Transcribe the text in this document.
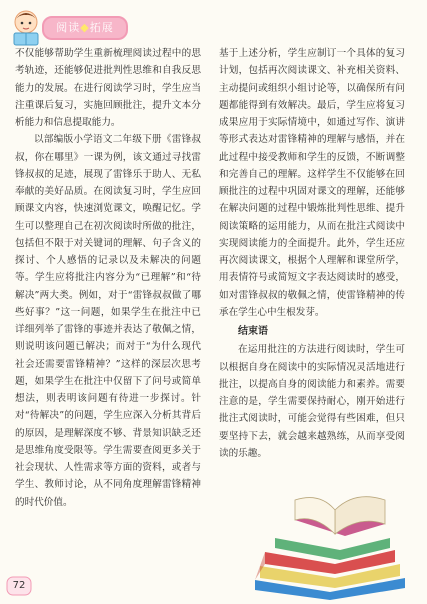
阅读◆拓展

不仅能够帮助学生重新梳理阅读过程中的思考轨迹，还能够促进批判性思维和自我反思能力的发展。在进行阅读学习时，学生应当注重课后复习，实施回顾批注，提升文本分析能力和信息提取能力。

以部编版小学语文二年级下册《雷锋叔叔，你在哪里》一课为例，该文通过寻找雷锋叔叔的足迹，展现了雷锋乐于助人、无私奉献的美好品质。在阅读复习时，学生应回顾课文内容，快速浏览课文，唤醒记忆。学生可以整理自己在初次阅读时所做的批注，包括但不限于对关键词的理解、句子含义的探讨、个人感悟的记录以及未解决的问题等。学生应将批注内容分为“已理解”和“待解决”两大类。例如，对于“雷锋叔叔做了哪些好事？”这一问题，如果学生在批注中已详细列举了雷锋的事迹并表达了敬佩之情，则说明该问题已解决；而对于“为什么现代社会还需要雷锋精神？”这样的深层次思考题，如果学生在批注中仅留下了问号或简单想法，则表明该问题有待进一步探讨。针对“待解决”的问题，学生应深入分析其背后的原因，是理解深度不够、背景知识缺乏还是思维角度受限等。学生需要查阅更多关于社会现状、人性需求等方面的资料，或者与学生、教师讨论，从不同角度理解雷锋精神的时代价值。

基于上述分析，学生应制订一个具体的复习计划，包括再次阅读课文、补充相关资料、主动提问或组织小组讨论等，以确保所有问题都能得到有效解决。最后，学生应将复习成果应用于实际情境中，如通过写作、演讲等形式表达对雷锋精神的理解与感悟，并在此过程中接受教师和学生的反馈，不断调整和完善自己的理解。这样学生不仅能够在回顾批注的过程中巩固对课文的理解，还能够在解决问题的过程中锻炼批判性思维、提升阅读策略的运用能力，从而在批注式阅读中实现阅读能力的全面提升。此外，学生还应再次阅读课文，根据个人理解和课堂所学，用表情符号或简短文字表达阅读时的感受，如对雷锋叔叔的敬佩之情，使雷锋精神的传承在学生心中生根发芽。

结束语

在运用批注的方法进行阅读时，学生可以根据自身在阅读中的实际情况灵活地进行批注，以提高自身的阅读能力和素养。需要注意的是，学生需要保持耐心，刚开始进行批注式阅读时，可能会觉得有些困难，但只要坚持下去，就会越来越熟练，从而享受阅读的乐趣。

72
